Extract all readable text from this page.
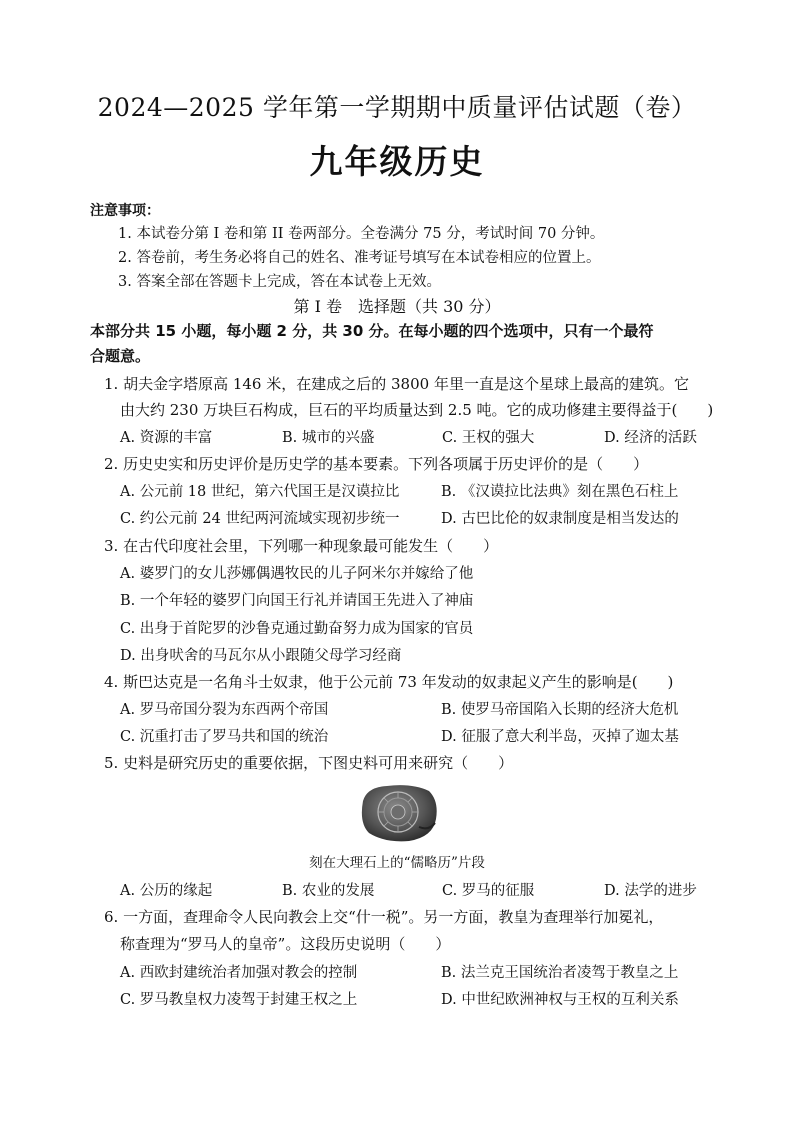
2024—2025 学年第一学期期中质量评估试题（卷）
九年级历史
注意事项：
1. 本试卷分第 I 卷和第 II 卷两部分。全卷满分 75 分，考试时间 70 分钟。
2. 答卷前，考生务必将自己的姓名、准考证号填写在本试卷相应的位置上。
3. 答案全部在答题卡上完成，答在本试卷上无效。
第 I 卷　选择题（共 30 分）
本部分共 15 小题，每小题 2 分，共 30 分。在每小题的四个选项中，只有一个最符
合题意。
1. 胡夫金字塔原高 146 米，在建成之后的 3800 年里一直是这个星球上最高的建筑。它
由大约 230 万块巨石构成，巨石的平均质量达到 2.5 吨。它的成功修建主要得益于(　　)
A. 资源的丰富	B. 城市的兴盛	C. 王权的强大	D. 经济的活跃
2. 历史史实和历史评价是历史学的基本要素。下列各项属于历史评价的是（　　）
A. 公元前 18 世纪，第六代国王是汉谟拉比	B. 《汉谟拉比法典》刻在黑色石柱上
C. 约公元前 24 世纪两河流域实现初步统一	D. 古巴比伦的奴隶制度是相当发达的
3. 在古代印度社会里，下列哪一种现象最可能发生（　　）
A. 婆罗门的女儿莎娜偶遇牧民的儿子阿米尔并嫁给了他
B. 一个年轻的婆罗门向国王行礼并请国王先进入了神庙
C. 出身于首陀罗的沙鲁克通过勤奋努力成为国家的官员
D. 出身吠舍的马瓦尔从小跟随父母学习经商
4. 斯巴达克是一名角斗士奴隶，他于公元前 73 年发动的奴隶起义产生的影响是(　　)
A. 罗马帝国分裂为东西两个帝国	B. 使罗马帝国陷入长期的经济大危机
C. 沉重打击了罗马共和国的统治	D. 征服了意大利半岛，灭掉了迦太基
5. 史料是研究历史的重要依据，下图史料可用来研究（　　）
刻在大理石上的“儒略历”片段
A. 公历的缘起	B. 农业的发展	C. 罗马的征服	D. 法学的进步
6. 一方面，查理命令人民向教会上交“什一税”。另一方面，教皇为查理举行加冕礼，
称查理为“罗马人的皇帝”。这段历史说明（　　）
A. 西欧封建统治者加强对教会的控制	B. 法兰克王国统治者凌驾于教皇之上
C. 罗马教皇权力凌驾于封建王权之上	D. 中世纪欧洲神权与王权的互利关系
